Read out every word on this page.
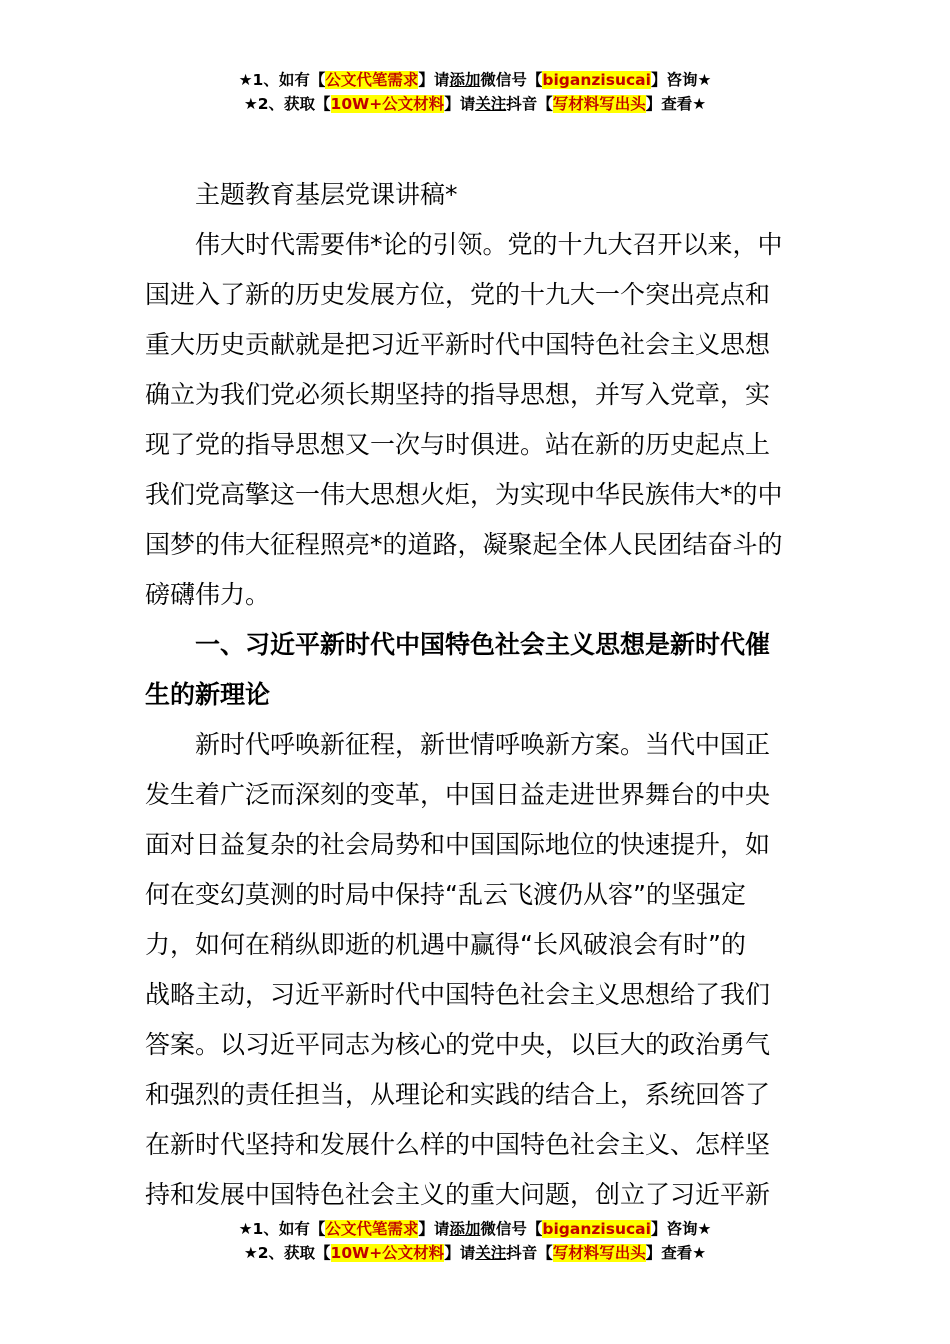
★1、如有【公文代笔需求】请添加微信号【biganzisucai】咨询★
★2、获取【10W+公文材料】请关注抖音【写材料写出头】查看★
　　主题教育基层党课讲稿*
　　伟大时代需要伟*论的引领。党的十九大召开以来，中
国进入了新的历史发展方位，党的十九大一个突出亮点和
重大历史贡献就是把习近平新时代中国特色社会主义思想
确立为我们党必须长期坚持的指导思想，并写入党章，实
现了党的指导思想又一次与时俱进。站在新的历史起点上
我们党高擎这一伟大思想火炬，为实现中华民族伟大*的中
国梦的伟大征程照亮*的道路，凝聚起全体人民团结奋斗的
磅礴伟力。
　　一、习近平新时代中国特色社会主义思想是新时代催
生的新理论
　　新时代呼唤新征程，新世情呼唤新方案。当代中国正
发生着广泛而深刻的变革，中国日益走进世界舞台的中央
面对日益复杂的社会局势和中国国际地位的快速提升，如
何在变幻莫测的时局中保持“乱云飞渡仍从容”的坚强定
力，如何在稍纵即逝的机遇中赢得“长风破浪会有时”的
战略主动，习近平新时代中国特色社会主义思想给了我们
答案。以习近平同志为核心的党中央，以巨大的政治勇气
和强烈的责任担当，从理论和实践的结合上，系统回答了
在新时代坚持和发展什么样的中国特色社会主义、怎样坚
持和发展中国特色社会主义的重大问题，创立了习近平新
★1、如有【公文代笔需求】请添加微信号【biganzisucai】咨询★
★2、获取【10W+公文材料】请关注抖音【写材料写出头】查看★
